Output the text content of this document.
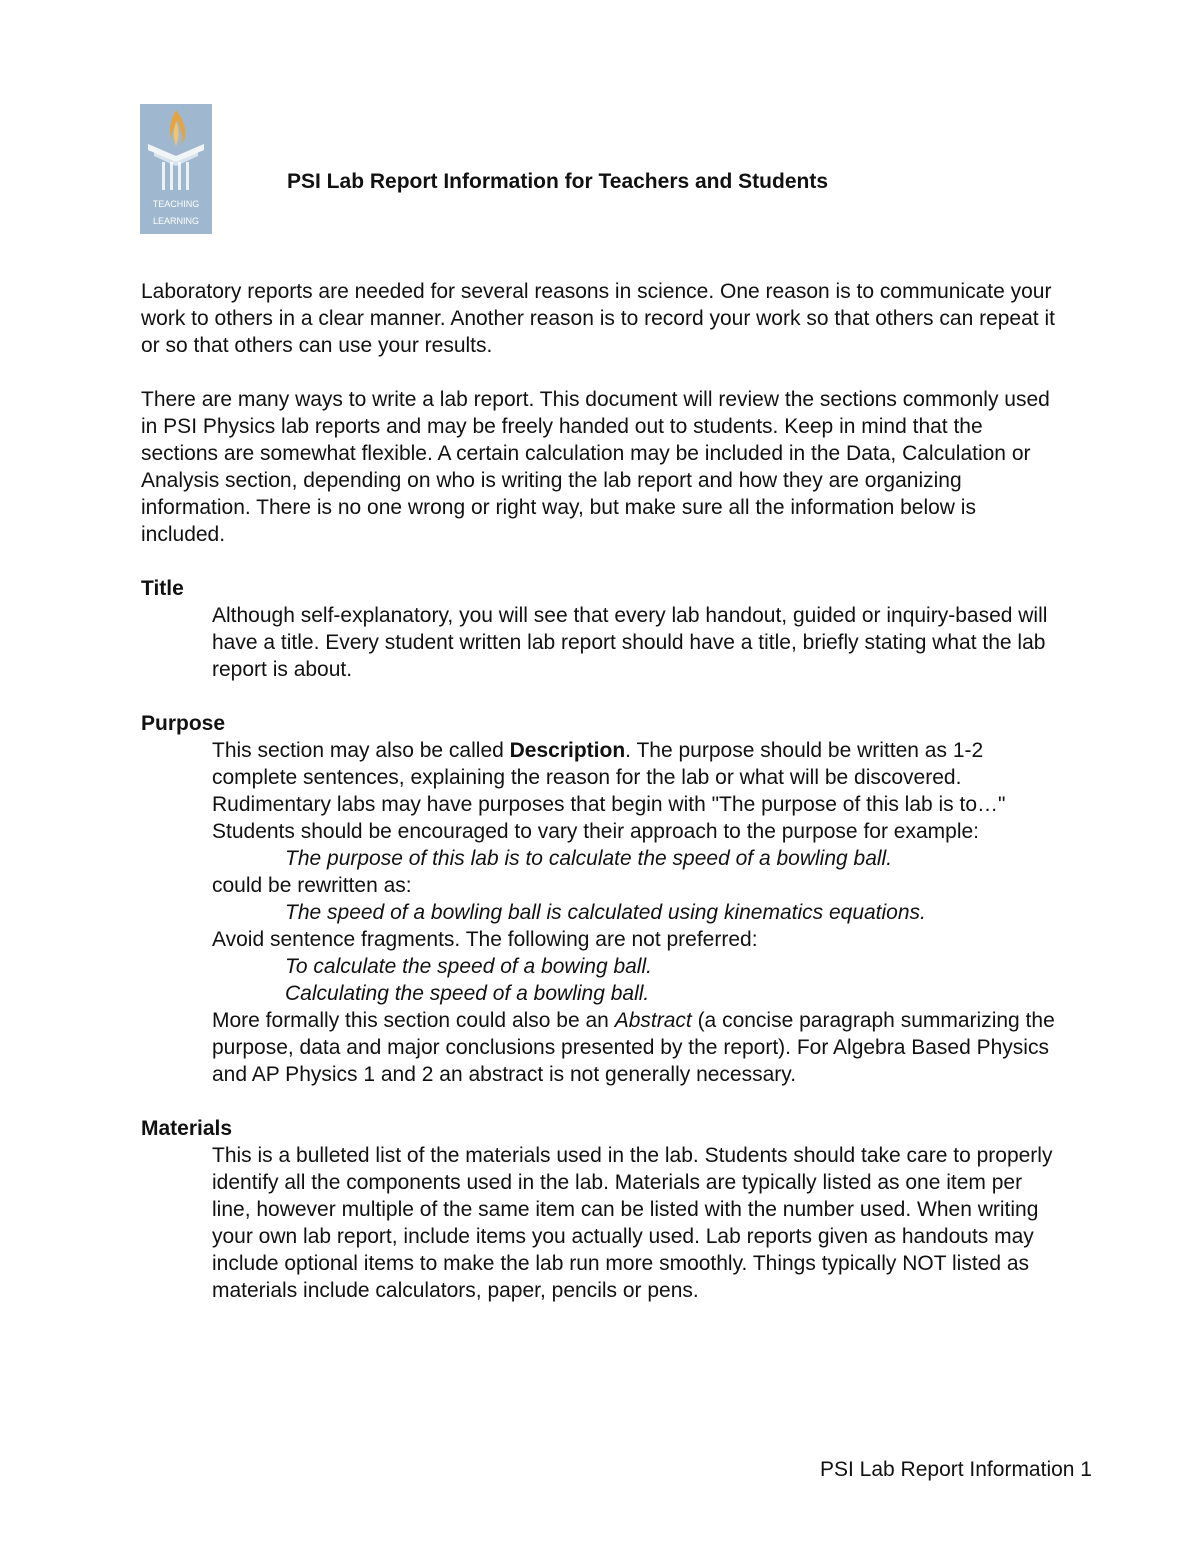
TEACHING
LEARNING
PSI Lab Report Information for Teachers and Students

Laboratory reports are needed for several reasons in science. One reason is to communicate your work to others in a clear manner. Another reason is to record your work so that others can repeat it or so that others can use your results.

There are many ways to write a lab report. This document will review the sections commonly used in PSI Physics lab reports and may be freely handed out to students. Keep in mind that the sections are somewhat flexible. A certain calculation may be included in the Data, Calculation or Analysis section, depending on who is writing the lab report and how they are organizing information. There is no one wrong or right way, but make sure all the information below is included.

Title

Although self-explanatory, you will see that every lab handout, guided or inquiry-based will have a title. Every student written lab report should have a title, briefly stating what the lab report is about.

Purpose

This section may also be called Description. The purpose should be written as 1-2 complete sentences, explaining the reason for the lab or what will be discovered. Rudimentary labs may have purposes that begin with "The purpose of this lab is to…" Students should be encouraged to vary their approach to the purpose for example:

The purpose of this lab is to calculate the speed of a bowling ball.

could be rewritten as:

The speed of a bowling ball is calculated using kinematics equations.

Avoid sentence fragments. The following are not preferred:

To calculate the speed of a bowing ball.

Calculating the speed of a bowling ball.

More formally this section could also be an Abstract (a concise paragraph summarizing the purpose, data and major conclusions presented by the report). For Algebra Based Physics and AP Physics 1 and 2 an abstract is not generally necessary.

Materials

This is a bulleted list of the materials used in the lab. Students should take care to properly identify all the components used in the lab. Materials are typically listed as one item per line, however multiple of the same item can be listed with the number used. When writing your own lab report, include items you actually used. Lab reports given as handouts may include optional items to make the lab run more smoothly. Things typically NOT listed as materials include calculators, paper, pencils or pens.

PSI Lab Report Information 1
